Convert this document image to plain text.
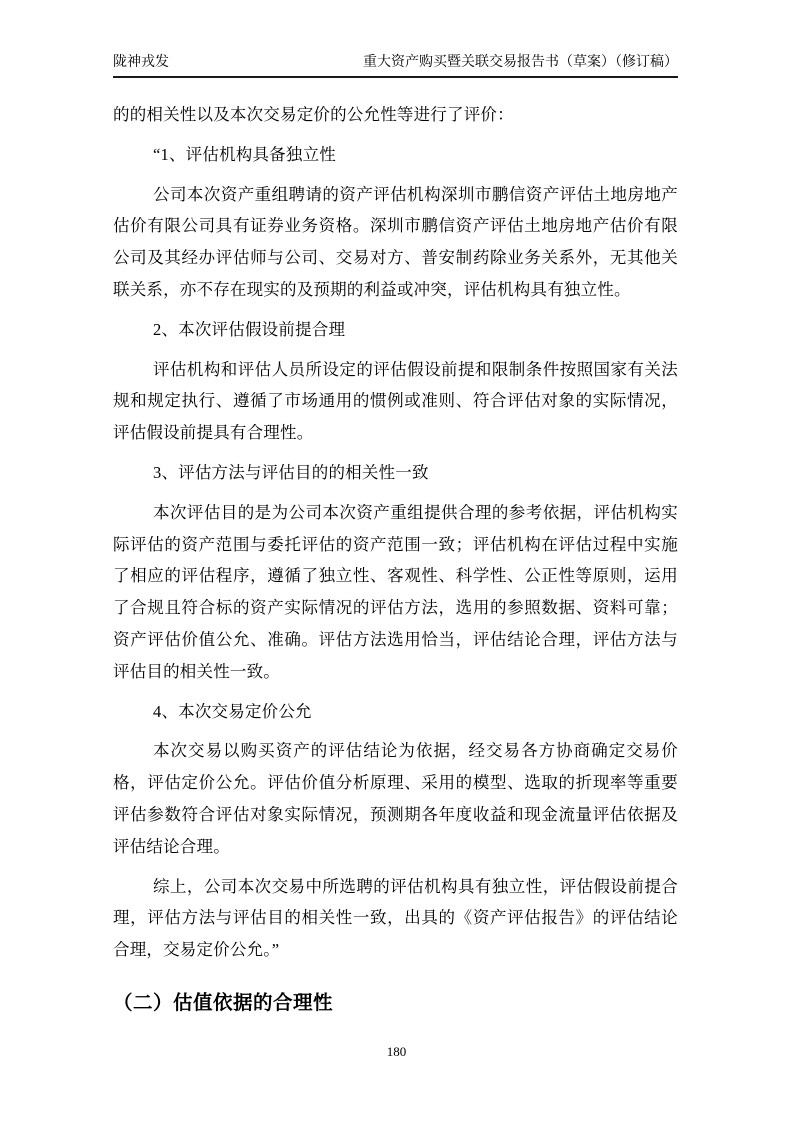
陇神戎发	重大资产购买暨关联交易报告书（草案）（修订稿）

的的相关性以及本次交易定价的公允性等进行了评价：

“1、评估机构具备独立性

公司本次资产重组聘请的资产评估机构深圳市鹏信资产评估土地房地产估价有限公司具有证券业务资格。深圳市鹏信资产评估土地房地产估价有限公司及其经办评估师与公司、交易对方、普安制药除业务关系外，无其他关联关系，亦不存在现实的及预期的利益或冲突，评估机构具有独立性。

2、本次评估假设前提合理

评估机构和评估人员所设定的评估假设前提和限制条件按照国家有关法规和规定执行、遵循了市场通用的惯例或准则、符合评估对象的实际情况，评估假设前提具有合理性。

3、评估方法与评估目的的相关性一致

本次评估目的是为公司本次资产重组提供合理的参考依据，评估机构实际评估的资产范围与委托评估的资产范围一致；评估机构在评估过程中实施了相应的评估程序，遵循了独立性、客观性、科学性、公正性等原则，运用了合规且符合标的资产实际情况的评估方法，选用的参照数据、资料可靠；资产评估价值公允、准确。评估方法选用恰当，评估结论合理，评估方法与评估目的相关性一致。

4、本次交易定价公允

本次交易以购买资产的评估结论为依据，经交易各方协商确定交易价格，评估定价公允。评估价值分析原理、采用的模型、选取的折现率等重要评估参数符合评估对象实际情况，预测期各年度收益和现金流量评估依据及评估结论合理。

综上，公司本次交易中所选聘的评估机构具有独立性，评估假设前提合理，评估方法与评估目的相关性一致，出具的《资产评估报告》的评估结论合理，交易定价公允。”

（二）估值依据的合理性

180
